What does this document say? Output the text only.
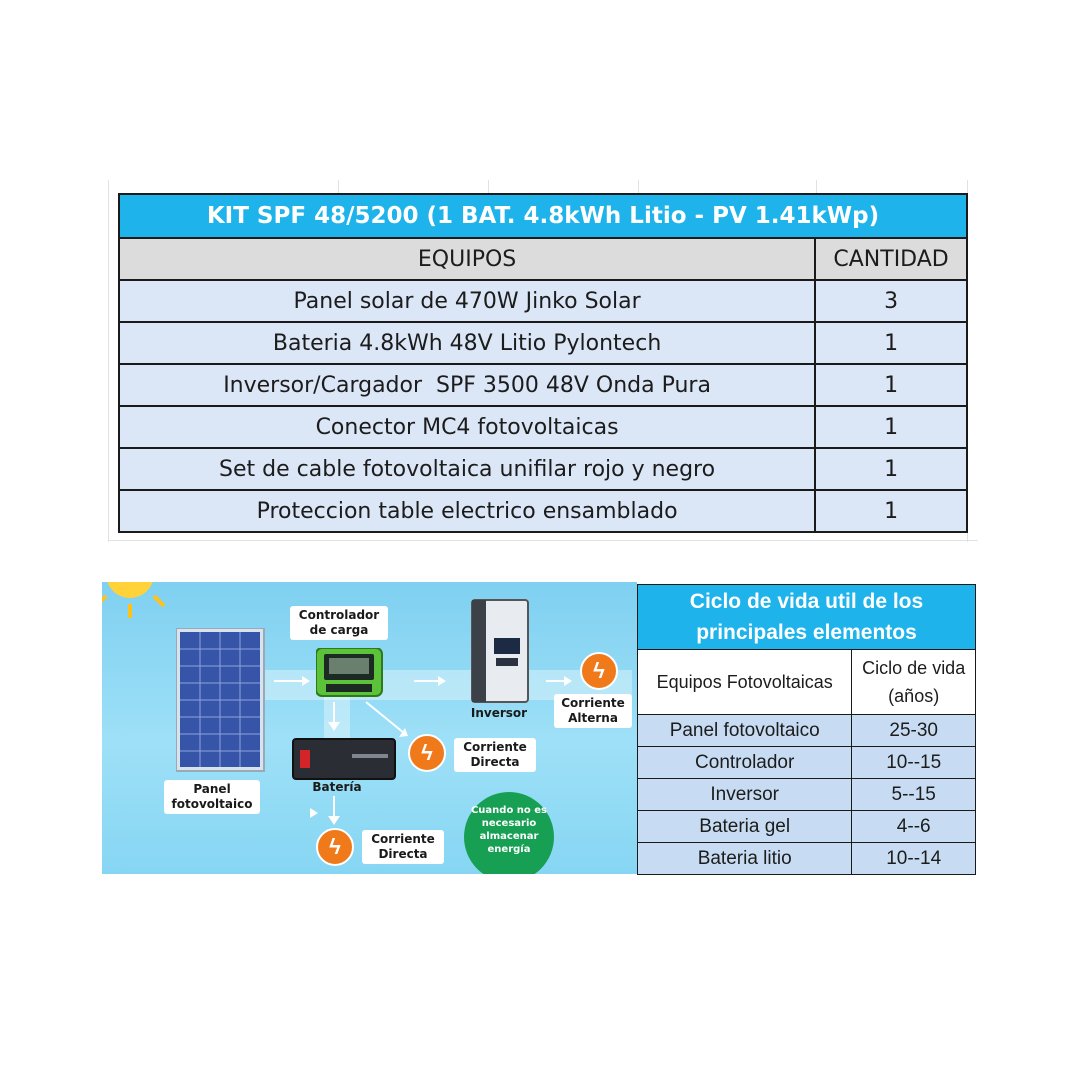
KIT SPF 48/5200 (1 BAT. 4.8kWh Litio - PV 1.41kWp)	
EQUIPOS	CANTIDAD
Panel solar de 470W Jinko Solar	3
Bateria 4.8kWh 48V Litio Pylontech	1
Inversor/Cargador  SPF 3500 48V Onda Pura	1
Conector MC4 fotovoltaicas	1
Set de cable fotovoltaica unifilar rojo y negro	1
Proteccion table electrico ensamblado	1
ϟ
ϟ
ϟ
Controlador de carga
Inversor
Corriente Alterna
Corriente Directa
Panel fotovoltaico
Batería
Corriente Directa
Cuando no es necesario almacenar energía
Ciclo de vida util de los principales elementos	
Equipos Fotovoltaicas	Ciclo de vida (años)
Panel fotovoltaico	25-30
Controlador	10--15
Inversor	5--15
Bateria gel	4--6
Bateria litio	10--14
